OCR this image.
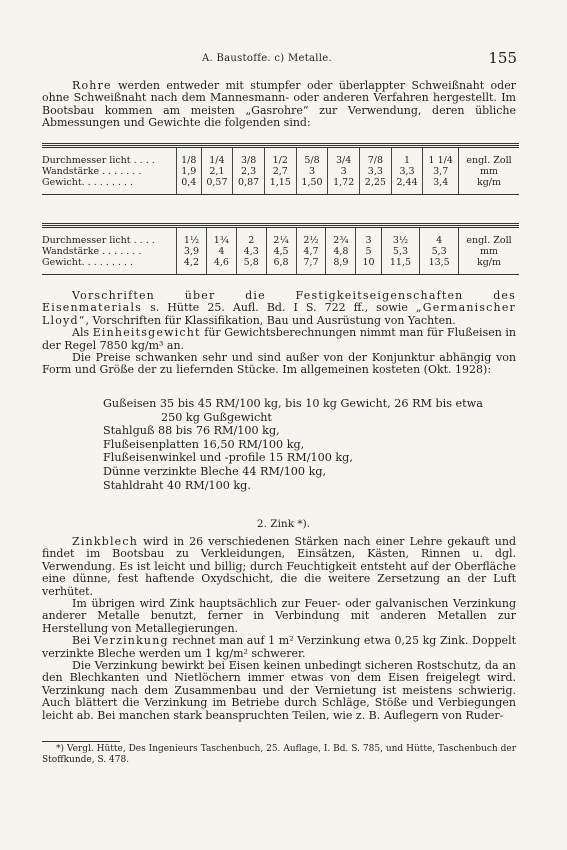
A. Baustoffe. c) Metalle.	155

Rohre werden entweder mit stumpfer oder überlappter Schweißnaht oder ohne Schweißnaht nach dem Mannesmann- oder anderen Verfahren hergestellt. Im Bootsbau kommen am meisten „Gasrohre“ zur Verwendung, deren übliche Abmessungen und Gewichte die folgenden sind:

Durchmesser licht . . . .	1/8	1/4	3/8	1/2	5/8	3/4	7/8	1	1 1/4	engl. Zoll
Wandstärke . . . . . . .	1,9	2,1	2,3	2,7	3	3	3,3	3,3	3,7	mm
Gewicht. . . . . . . . .	0,4	0,57	0,87	1,15	1,50	1,72	2,25	2,44	3,4	kg/m
Durchmesser licht . . . .	1½	1¾	2	2¼	2½	2¾	3	3½	4	engl. Zoll
Wandstärke . . . . . . .	3,9	4	4,3	4,5	4,7	4,8	5	5,3	5,3	mm
Gewicht. . . . . . . . .	4,2	4,6	5,8	6,8	7,7	8,9	10	11,5	13,5	kg/m

Vorschriften über die Festigkeitseigenschaften des Eisenmaterials s. Hütte 25. Aufl. Bd. I S. 722 ff., sowie „Germanischer Lloyd“, Vorschriften für Klassifikation, Bau und Ausrüstung von Yachten.

Als Einheitsgewicht für Gewichtsberechnungen nimmt man für Flußeisen in der Regel 7850 kg/m³ an.

Die Preise schwanken sehr und sind außer von der Konjunktur abhängig von Form und Größe der zu liefernden Stücke. Im allgemeinen kosteten (Okt. 1928):

Gußeisen 35 bis 45 RM/100 kg, bis 10 kg Gewicht, 26 RM bis etwa
250 kg Gußgewicht
Stahlguß 88 bis 76 RM/100 kg,
Flußeisenplatten 16,50 RM/100 kg,
Flußeisenwinkel und -profile 15 RM/100 kg,
Dünne verzinkte Bleche 44 RM/100 kg,
Stahldraht 40 RM/100 kg.
2. Zink *).

Zinkblech wird in 26 verschiedenen Stärken nach einer Lehre gekauft und findet im Bootsbau zu Verkleidungen, Einsätzen, Kästen, Rinnen u. dgl. Verwendung. Es ist leicht und billig; durch Feuchtigkeit entsteht auf der Oberfläche eine dünne, fest haftende Oxydschicht, die die weitere Zersetzung an der Luft verhütet.

Im übrigen wird Zink hauptsächlich zur Feuer- oder galvanischen Verzinkung anderer Metalle benutzt, ferner in Verbindung mit anderen Metallen zur Herstellung von Metallegierungen.

Bei Verzinkung rechnet man auf 1 m² Verzinkung etwa 0,25 kg Zink. Doppelt verzinkte Bleche werden um 1 kg/m² schwerer.

Die Verzinkung bewirkt bei Eisen keinen unbedingt sicheren Rostschutz, da an den Blechkanten und Nietlöchern immer etwas von dem Eisen freigelegt wird. Verzinkung nach dem Zusammenbau und der Vernietung ist meistens schwierig. Auch blättert die Verzinkung im Betriebe durch Schläge, Stöße und Verbiegungen leicht ab. Bei manchen stark beanspruchten Teilen, wie z. B. Auflegern von Ruder-

*) Vergl. Hütte, Des Ingenieurs Taschenbuch, 25. Auflage, I. Bd. S. 785, und Hütte, Taschenbuch der Stoffkunde, S. 478.
